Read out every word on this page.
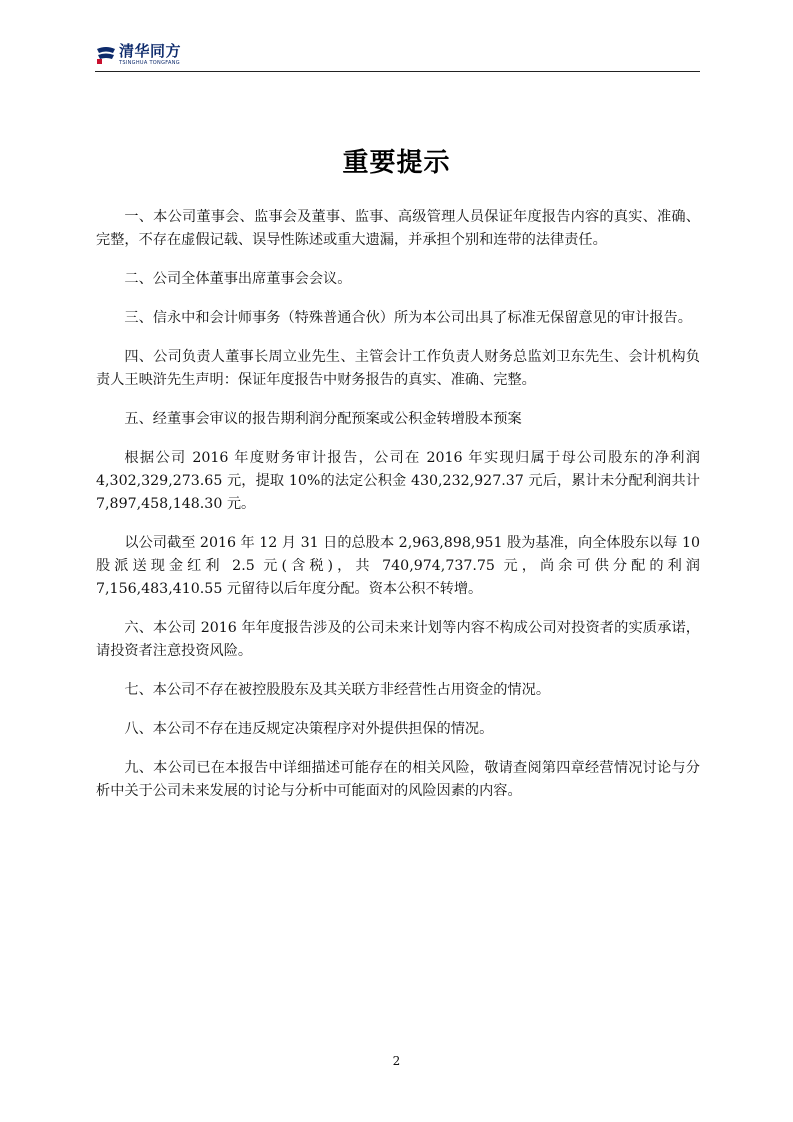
清华同方
TSINGHUA TONGFANG
重要提示

一、本公司董事会、监事会及董事、监事、高级管理人员保证年度报告内容的真实、准确、完整，不存在虚假记载、误导性陈述或重大遗漏，并承担个别和连带的法律责任。

二、公司全体董事出席董事会会议。

三、信永中和会计师事务（特殊普通合伙）所为本公司出具了标准无保留意见的审计报告。

四、公司负责人董事长周立业先生、主管会计工作负责人财务总监刘卫东先生、会计机构负责人王映浒先生声明：保证年度报告中财务报告的真实、准确、完整。

五、经董事会审议的报告期利润分配预案或公积金转增股本预案

根据公司 2016 年度财务审计报告，公司在 2016 年实现归属于母公司股东的净利润 4,302,329,273.65 元，提取 10%的法定公积金 430,232,927.37 元后，累计未分配利润共计 7,897,458,148.30 元。

以公司截至 2016 年 12 月 31 日的总股本 2,963,898,951 股为基准，向全体股东以每 10 股派送现金红利 2.5 元(含税)，共 740,974,737.75 元，尚余可供分配的利润 7,156,483,410.55 元留待以后年度分配。资本公积不转增。

六、本公司 2016 年年度报告涉及的公司未来计划等内容不构成公司对投资者的实质承诺，请投资者注意投资风险。

七、本公司不存在被控股股东及其关联方非经营性占用资金的情况。

八、本公司不存在违反规定决策程序对外提供担保的情况。

九、本公司已在本报告中详细描述可能存在的相关风险，敬请查阅第四章经营情况讨论与分析中关于公司未来发展的讨论与分析中可能面对的风险因素的内容。

2
